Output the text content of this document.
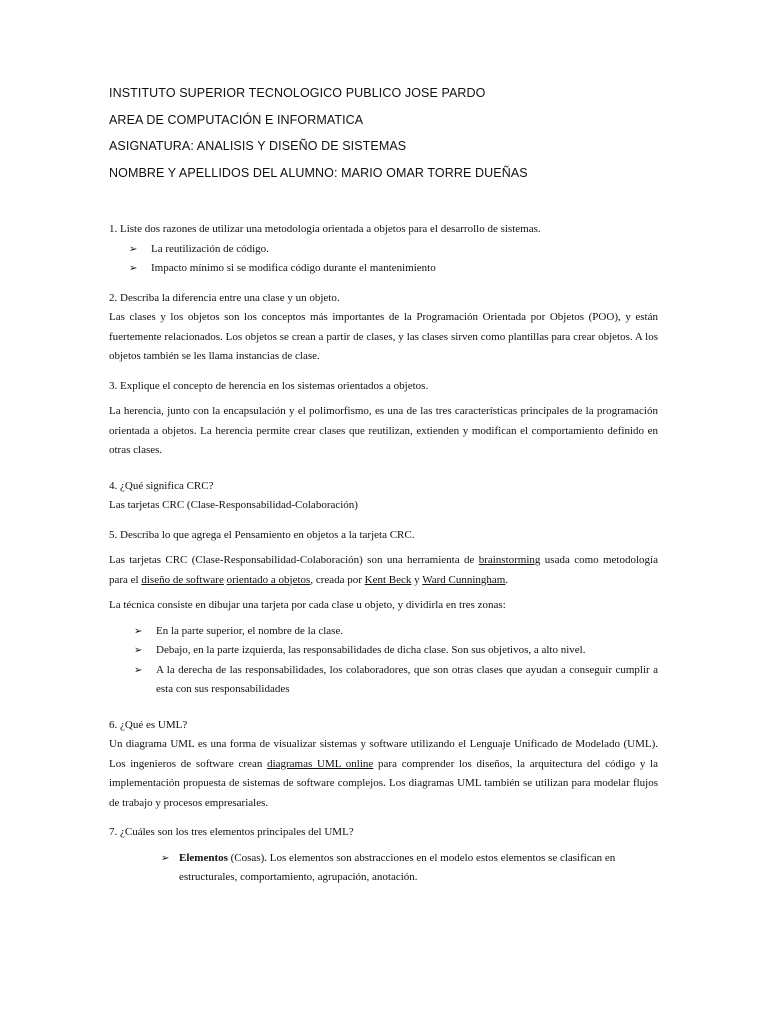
INSTITUTO SUPERIOR TECNOLOGICO PUBLICO JOSE PARDO
AREA DE COMPUTACIÓN E INFORMATICA
ASIGNATURA: ANALISIS Y DISEÑO DE SISTEMAS
NOMBRE Y APELLIDOS DEL ALUMNO: MARIO OMAR TORRE DUEÑAS

1. Liste dos razones de utilizar una metodología orientada a objetos para el desarrollo de sistemas.

➢ La reutilización de código.
➢ Impacto mínimo si se modifica código durante el mantenimiento

2. Describa la diferencia entre una clase y un objeto.

Las clases y los objetos son los conceptos más importantes de la Programación Orientada por Objetos (POO), y están fuertemente relacionados. Los objetos se crean a partir de clases, y las clases sirven como plantillas para crear objetos. A los objetos también se les llama instancias de clase.

3. Explique el concepto de herencia en los sistemas orientados a objetos.

La herencia, junto con la encapsulación y el polimorfismo, es una de las tres características principales de la programación orientada a objetos. La herencia permite crear clases que reutilizan, extienden y modifican el comportamiento definido en otras clases.

4. ¿Qué significa CRC?

Las tarjetas CRC (Clase-Responsabilidad-Colaboración)

5. Describa lo que agrega el Pensamiento en objetos a la tarjeta CRC.

Las tarjetas CRC (Clase-Responsabilidad-Colaboración) son una herramienta de brainstorming usada como metodología para el diseño de software orientado a objetos, creada por Kent Beck y Ward Cunningham.

La técnica consiste en dibujar una tarjeta por cada clase u objeto, y dividirla en tres zonas:

➢ En la parte superior, el nombre de la clase.
➢ Debajo, en la parte izquierda, las responsabilidades de dicha clase. Son sus objetivos, a alto nivel.
➢ A la derecha de las responsabilidades, los colaboradores, que son otras clases que ayudan a conseguir cumplir a esta con sus responsabilidades

6. ¿Qué es UML?

Un diagrama UML es una forma de visualizar sistemas y software utilizando el Lenguaje Unificado de Modelado (UML). Los ingenieros de software crean diagramas UML online para comprender los diseños, la arquitectura del código y la implementación propuesta de sistemas de software complejos. Los diagramas UML también se utilizan para modelar flujos de trabajo y procesos empresariales.

7. ¿Cuáles son los tres elementos principales del UML?

➢ Elementos (Cosas). Los elementos son abstracciones en el modelo estos elementos se clasifican en estructurales, comportamiento, agrupación, anotación.
